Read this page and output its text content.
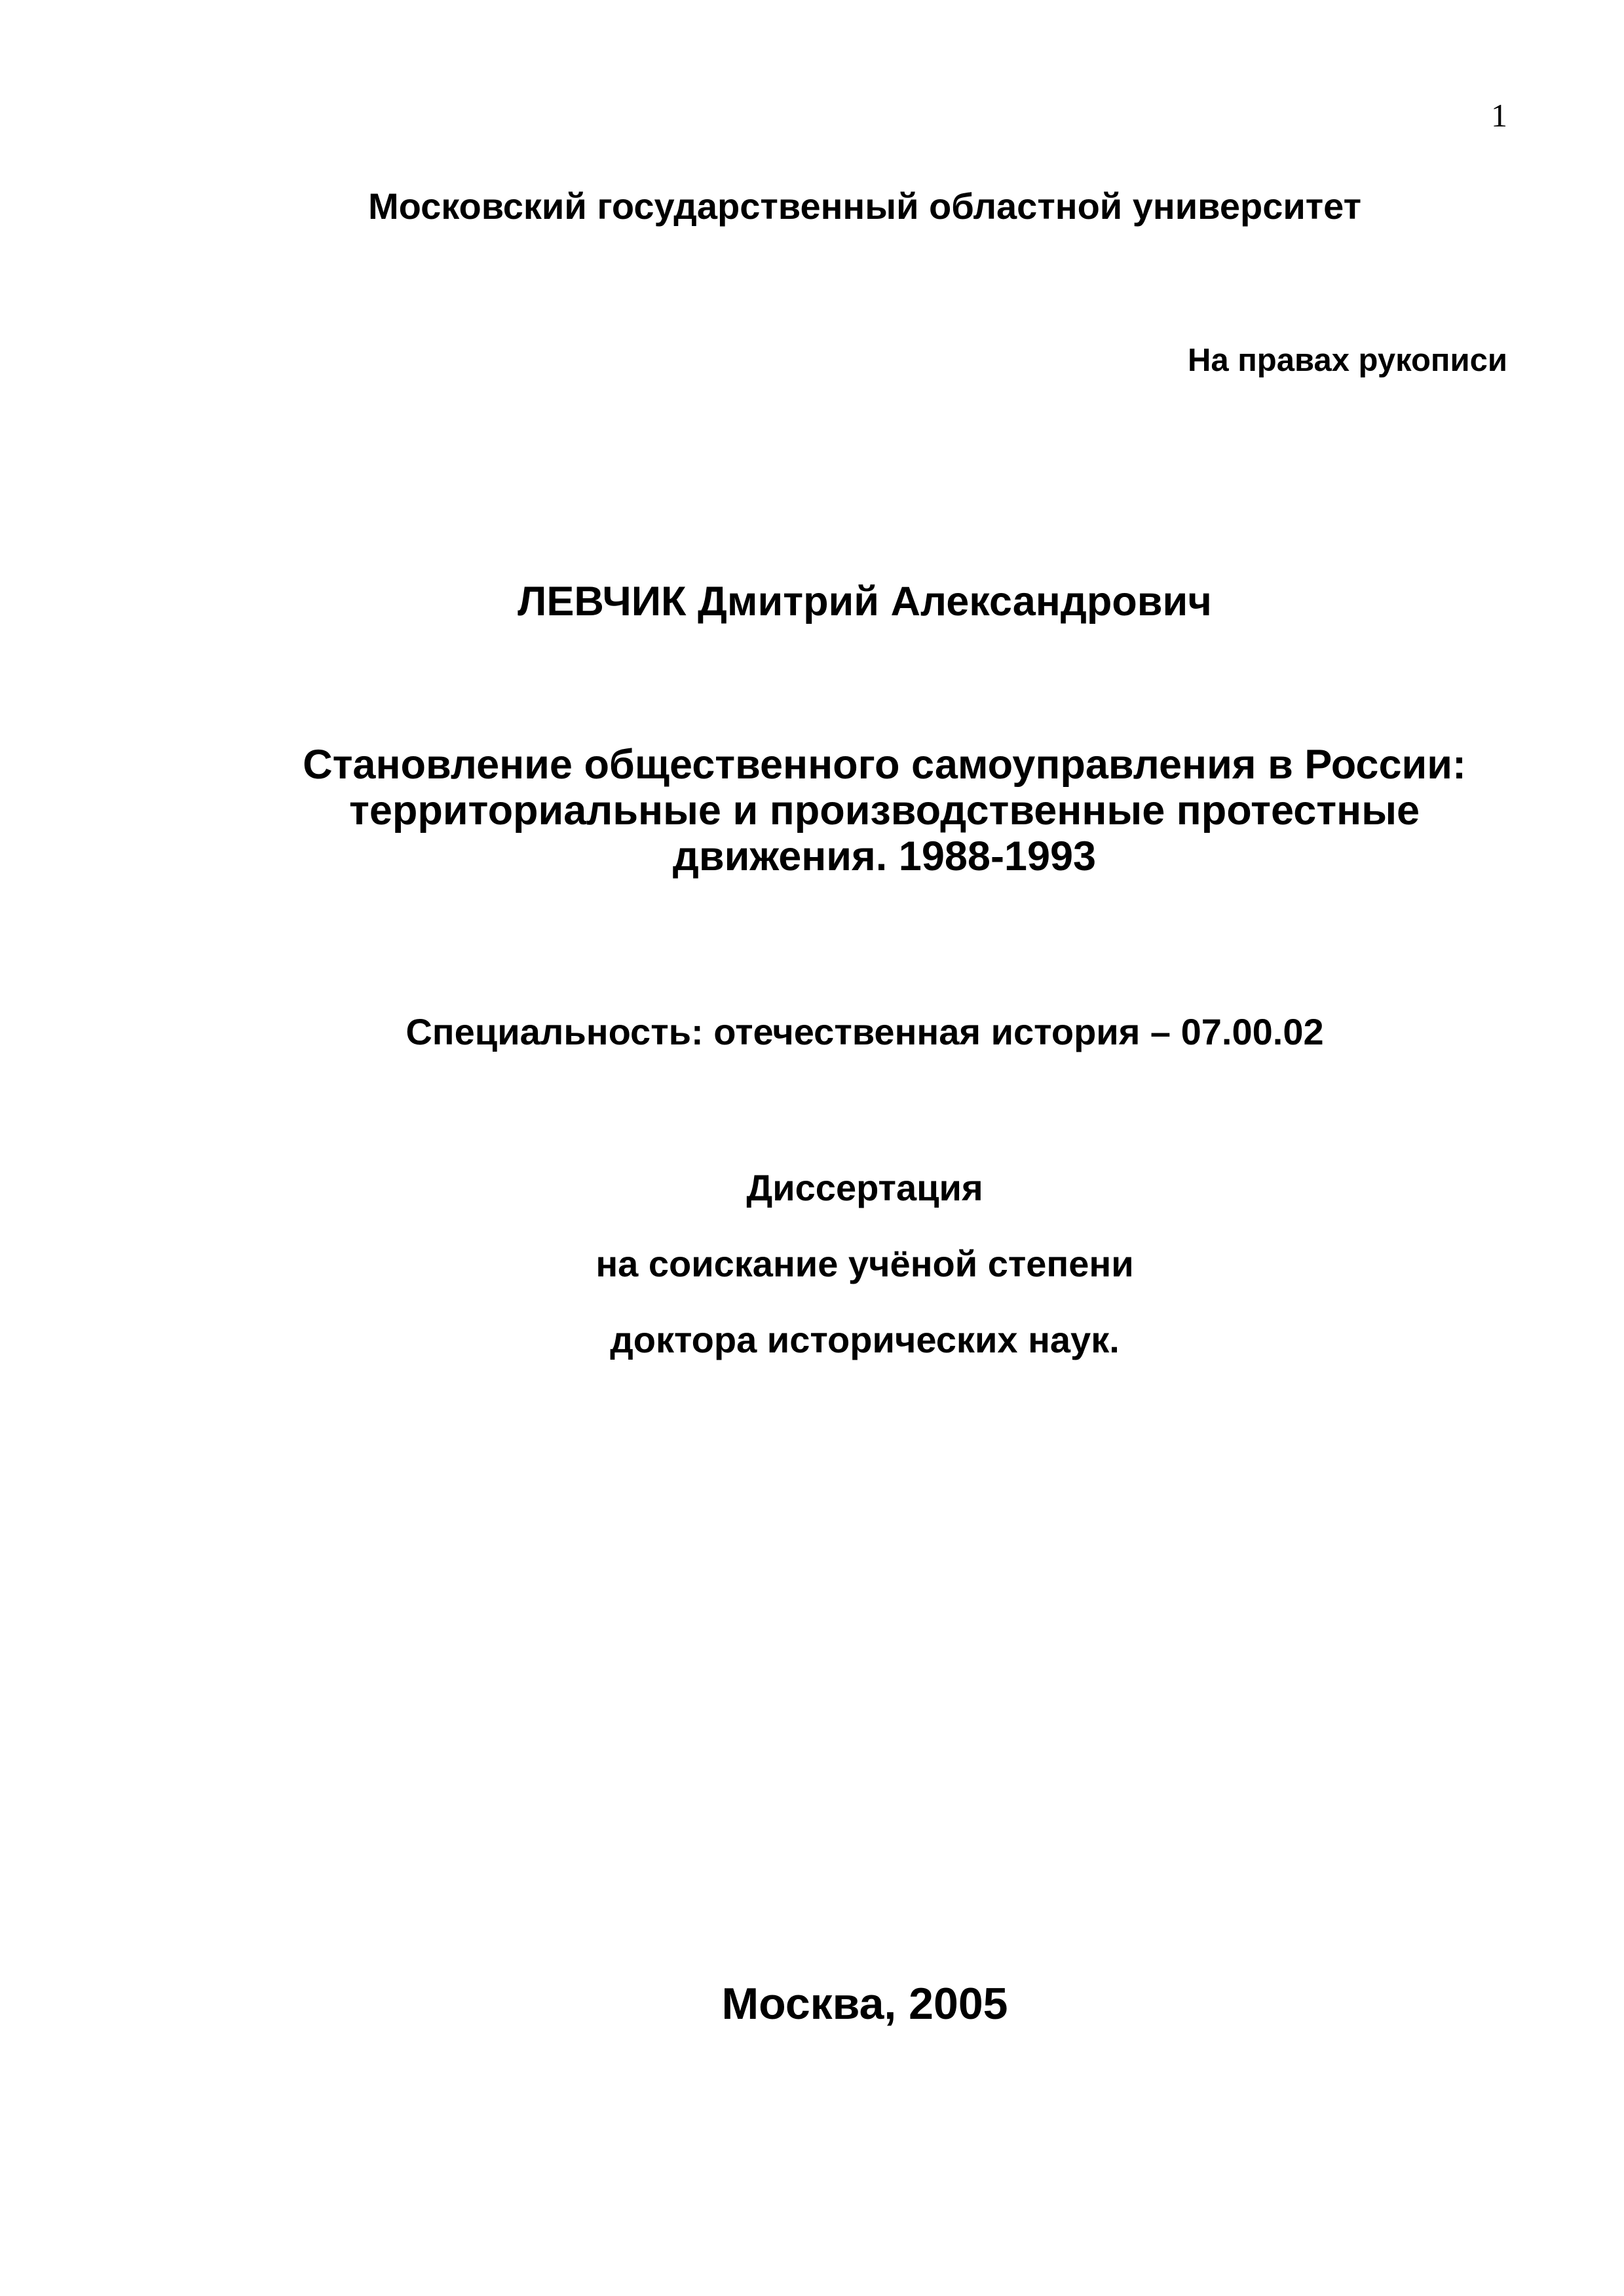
1
Московский государственный областной университет
На правах рукописи
ЛЕВЧИК Дмитрий Александрович
Становление общественного самоуправления в России:
территориальные и производственные протестные
движения. 1988-1993
Специальность: отечественная история – 07.00.02
Диссертация
на соискание учёной степени
доктора исторических наук.
Москва, 2005
